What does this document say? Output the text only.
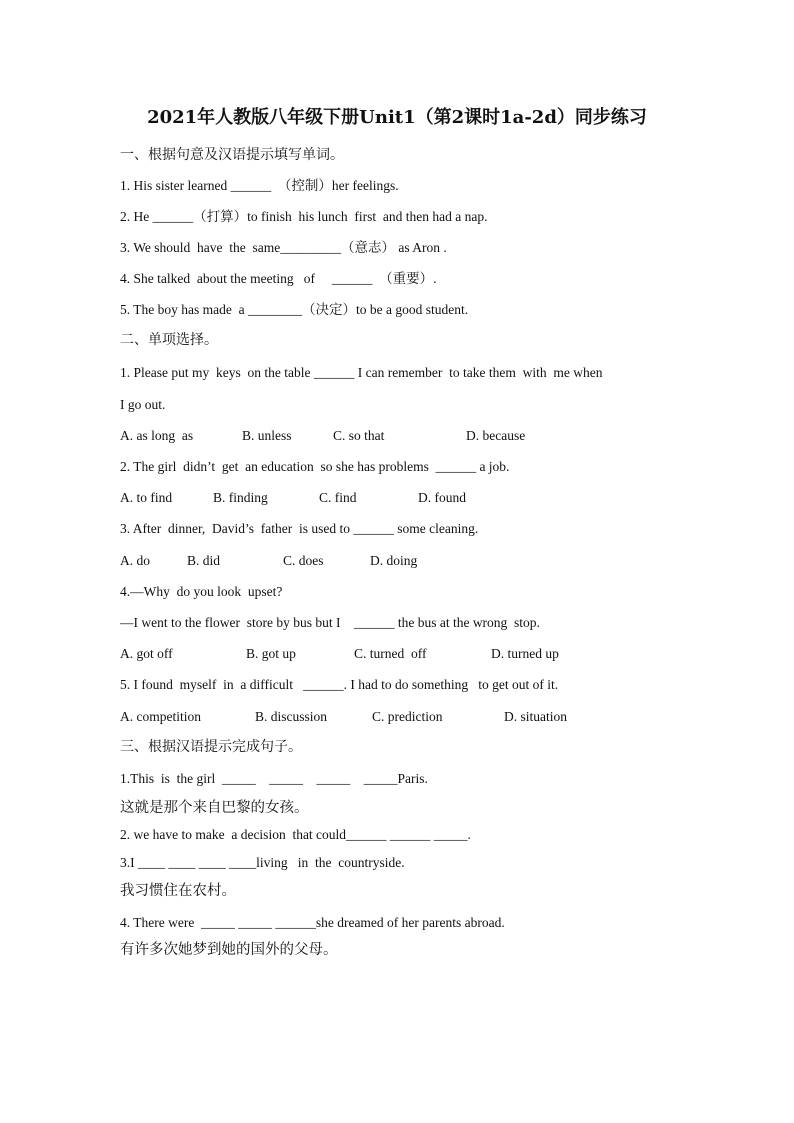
2021年人教版八年级下册Unit1（第2课时1a-2d）同步练习
一、根据句意及汉语提示填写单词。
1. His sister learned ______  （控制）her feelings.
2. He ______（打算）to finish  his lunch  first  and then had a nap.
3. We should  have  the  same_________（意志） as Aron .
4. She talked  about the meeting   of     ______  （重要）.
5. The boy has made  a ________（决定）to be a good student.
二、单项选择。
1. Please put my  keys  on the table ______ I can remember  to take them  with  me when
I go out.
A. as long  as	B. unless	C. so that	D. because
2. The girl  didn’t  get  an education  so she has problems  ______ a job.
A. to find	B. finding	C. find	D. found
3. After  dinner,  David’s  father  is used to ______ some cleaning.
A. do	B. did	C. does	D. doing
4.—Why  do you look  upset?
—I went to the flower  store by bus but I    ______ the bus at the wrong  stop.
A. got off	B. got up	C. turned  off	D. turned up
5. I found  myself  in  a difficult   ______. I had to do something   to get out of it.
A. competition	B. discussion	C. prediction	D. situation
三、根据汉语提示完成句子。
1.This  is  the girl  _____    _____    _____    _____Paris.
这就是那个来自巴黎的女孩。
2. we have to make  a decision  that could______ ______ _____.
3.I ____ ____ ____ ____living   in  the  countryside.
我习惯住在农村。
4. There were  _____ _____ ______she dreamed of her parents abroad.
有许多次她梦到她的国外的父母。
